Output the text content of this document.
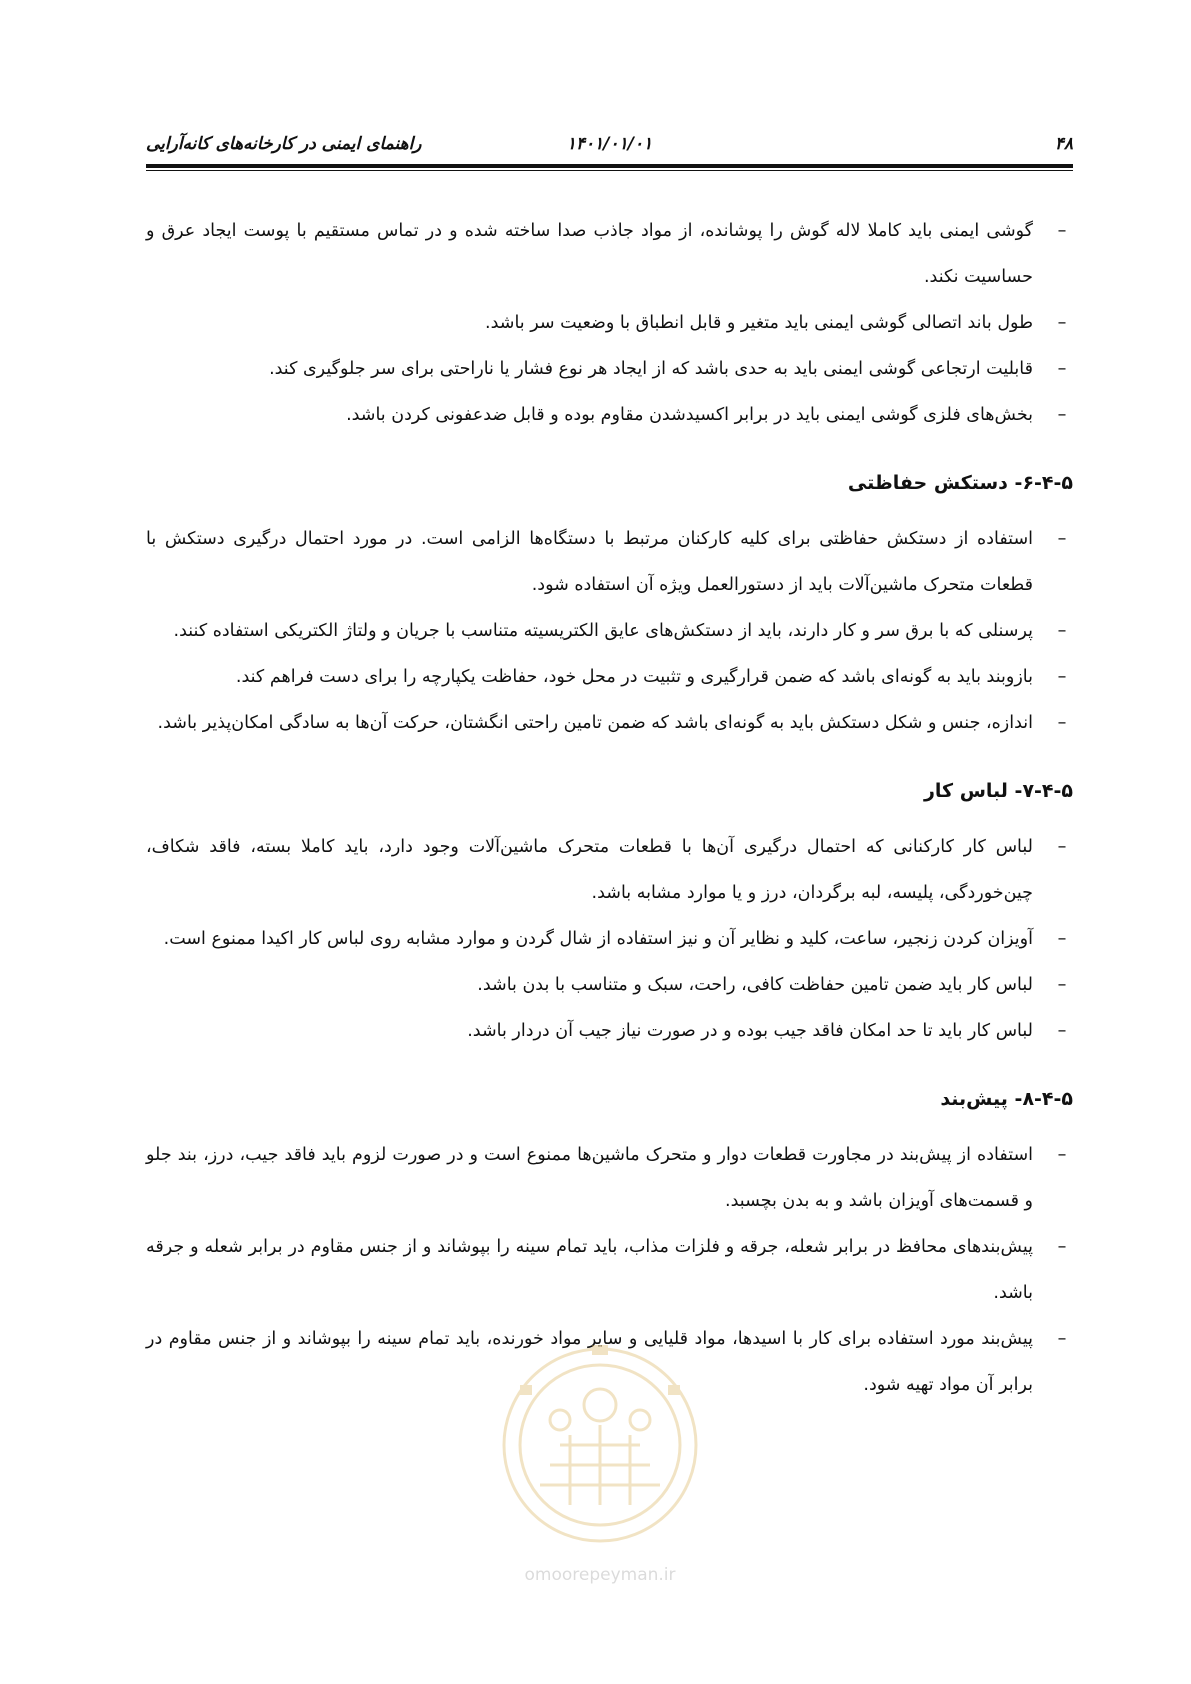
۴۸
۱۴۰۱/۰۱/۰۱
راهنمای ایمنی در کارخانه‌های کانه‌آرایی
–
گوشی ایمنی باید کاملا لاله گوش را پوشانده، از مواد جاذب صدا ساخته شده و در تماس مستقیم با پوست ایجاد عرق و حساسیت نکند.
–
طول باند اتصالی گوشی ایمنی باید متغیر و قابل انطباق با وضعیت سر باشد.
–
قابلیت ارتجاعی گوشی ایمنی باید به حدی باشد که از ایجاد هر نوع فشار یا ناراحتی برای سر جلوگیری کند.
–
بخش‌های فلزی گوشی ایمنی باید در برابر اکسیدشدن مقاوم بوده و قابل ضدعفونی کردن باشد.
۶-۴-۵- دستکش حفاظتی
–
استفاده از دستکش حفاظتی برای کلیه کارکنان مرتبط با دستگاه‌ها الزامی است. در مورد احتمال درگیری دستکش با قطعات متحرک ماشین‌آلات باید از دستورالعمل ویژه آن استفاده شود.
–
پرسنلی که با برق سر و کار دارند، باید از دستکش‌های عایق الکتریسیته متناسب با جریان و ولتاژ الکتریکی استفاده کنند.
–
بازوبند باید به گونه‌ای باشد که ضمن قرارگیری و تثبیت در محل خود، حفاظت یکپارچه را برای دست فراهم کند.
–
اندازه، جنس و شکل دستکش باید به گونه‌ای باشد که ضمن تامین راحتی انگشتان، حرکت آن‌ها به سادگی امکان‌پذیر باشد.
۷-۴-۵- لباس کار
–
لباس کار کارکنانی که احتمال درگیری آن‌ها با قطعات متحرک ماشین‌آلات وجود دارد، باید کاملا بسته، فاقد شکاف، چین‌خوردگی، پلیسه، لبه برگردان، درز و یا موارد مشابه باشد.
–
آویزان کردن زنجیر، ساعت، کلید و نظایر آن و نیز استفاده از شال گردن و موارد مشابه روی لباس کار اکیدا ممنوع است.
–
لباس کار باید ضمن تامین حفاظت کافی، راحت، سبک و متناسب با بدن باشد.
–
لباس کار باید تا حد امکان فاقد جیب بوده و در صورت نیاز جیب آن دردار باشد.
۸-۴-۵- پیش‌بند
–
استفاده از پیش‌بند در مجاورت قطعات دوار و متحرک ماشین‌ها ممنوع است و در صورت لزوم باید فاقد جیب، درز، بند جلو و قسمت‌های آویزان باشد و به بدن بچسبد.
–
پیش‌بندهای محافظ در برابر شعله، جرقه و فلزات مذاب، باید تمام سینه را بپوشاند و از جنس مقاوم در برابر شعله و جرقه باشد.
–
پیش‌بند مورد استفاده برای کار با اسیدها، مواد قلیایی و سایر مواد خورنده، باید تمام سینه را بپوشاند و از جنس مقاوم در برابر آن مواد تهیه شود.
omoorepeyman.ir
